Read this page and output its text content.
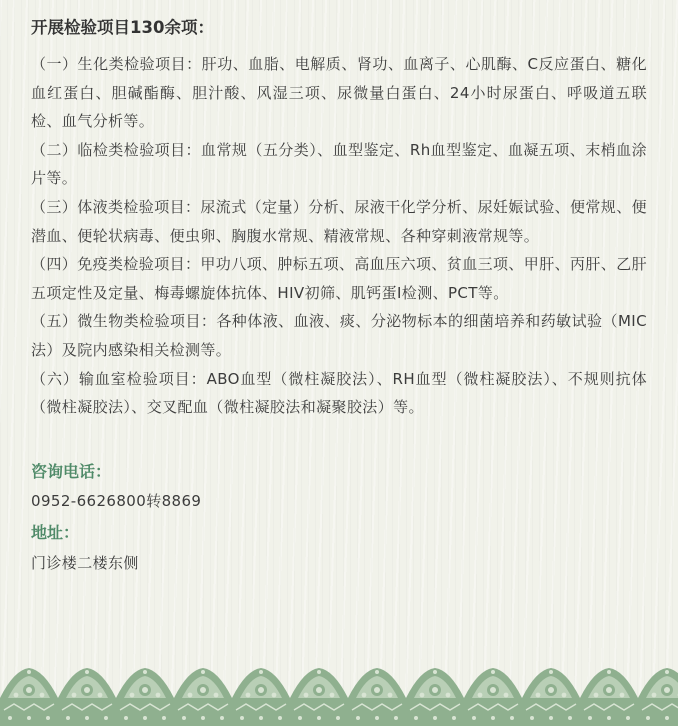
开展检验项目130余项：

（一）生化类检验项目：肝功、血脂、电解质、肾功、血离子、心肌酶、C反应蛋白、糖化血红蛋白、胆碱酯酶、胆汁酸、风湿三项、尿微量白蛋白、24小时尿蛋白、呼吸道五联检、血气分析等。

（二）临检类检验项目：血常规（五分类）、血型鉴定、Rh血型鉴定、血凝五项、末梢血涂片等。

（三）体液类检验项目：尿流式（定量）分析、尿液干化学分析、尿妊娠试验、便常规、便潜血、便轮状病毒、便虫卵、胸腹水常规、精液常规、各种穿刺液常规等。

（四）免疫类检验项目：甲功八项、肿标五项、高血压六项、贫血三项、甲肝、丙肝、乙肝五项定性及定量、梅毒螺旋体抗体、HIV初筛、肌钙蛋I检测、PCT等。

（五）微生物类检验项目：各种体液、血液、痰、分泌物标本的细菌培养和药敏试验（MIC法）及院内感染相关检测等。

（六）输血室检验项目：ABO血型（微柱凝胶法）、RH血型（微柱凝胶法）、不规则抗体（微柱凝胶法）、交叉配血（微柱凝胶法和凝聚胶法）等。

咨询电话：
0952-6626800转8869
地址：
门诊楼二楼东侧
